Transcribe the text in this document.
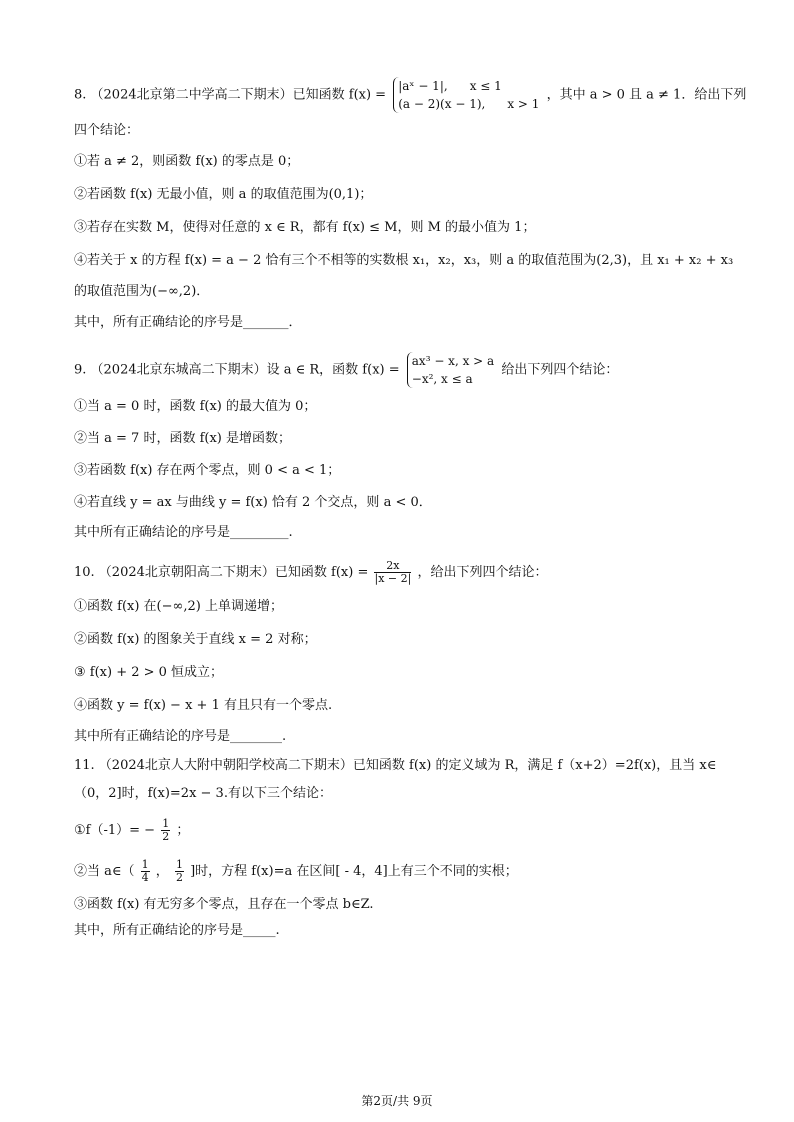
8. （2024北京第二中学高二下期末）已知函数 f(x) =
|aˣ − 1|, x ≤ 1
(a − 2)(x − 1), x > 1
，其中 a > 0 且 a ≠ 1．给出下列
四个结论：
①若 a ≠ 2，则函数 f(x) 的零点是 0；
②若函数 f(x) 无最小值，则 a 的取值范围为(0,1)；
③若存在实数 M，使得对任意的 x ∈ R，都有 f(x) ≤ M，则 M 的最小值为 1；
④若关于 x 的方程 f(x) = a − 2 恰有三个不相等的实数根 x₁，x₂，x₃，则 a 的取值范围为(2,3)，且 x₁ + x₂ + x₃
的取值范围为(−∞,2)．
其中，所有正确结论的序号是_______．
9. （2024北京东城高二下期末）设 a ∈ R，函数 f(x) =
ax³ − x, x > a
−x², x ≤ a
给出下列四个结论：
①当 a = 0 时，函数 f(x) 的最大值为 0；
②当 a = 7 时，函数 f(x) 是增函数；
③若函数 f(x) 存在两个零点，则 0 < a < 1；
④若直线 y = ax 与曲线 y = f(x) 恰有 2 个交点，则 a < 0．
其中所有正确结论的序号是_________.
10. （2024北京朝阳高二下期末）已知函数 $f(x) = \frac{2x}{|x - 2|}$ ，给出下列四个结论：
①函数 f(x) 在(−∞,2) 上单调递增；
②函数 f(x) 的图象关于直线 x = 2 对称；
③ f(x) + 2 > 0 恒成立；
④函数 y = f(x) − x + 1 有且只有一个零点.
其中所有正确结论的序号是________.
11. （2024北京人大附中朝阳学校高二下期末）已知函数 f(x) 的定义域为 R，满足 f（x+2）=2f(x)，且当 x∈
（0，2]时，f(x)=2x − 3.有以下三个结论：
①f（-1）= − $\frac{1}{2}$ ；
②当 a∈（ $\frac{1}{4}$ ， $\frac{1}{2}$ ]时，方程 f(x)=a 在区间[ - 4，4]上有三个不同的实根；
③函数 f(x) 有无穷多个零点，且存在一个零点 b∈Z.
其中，所有正确结论的序号是_____.
第2页/共 9页
